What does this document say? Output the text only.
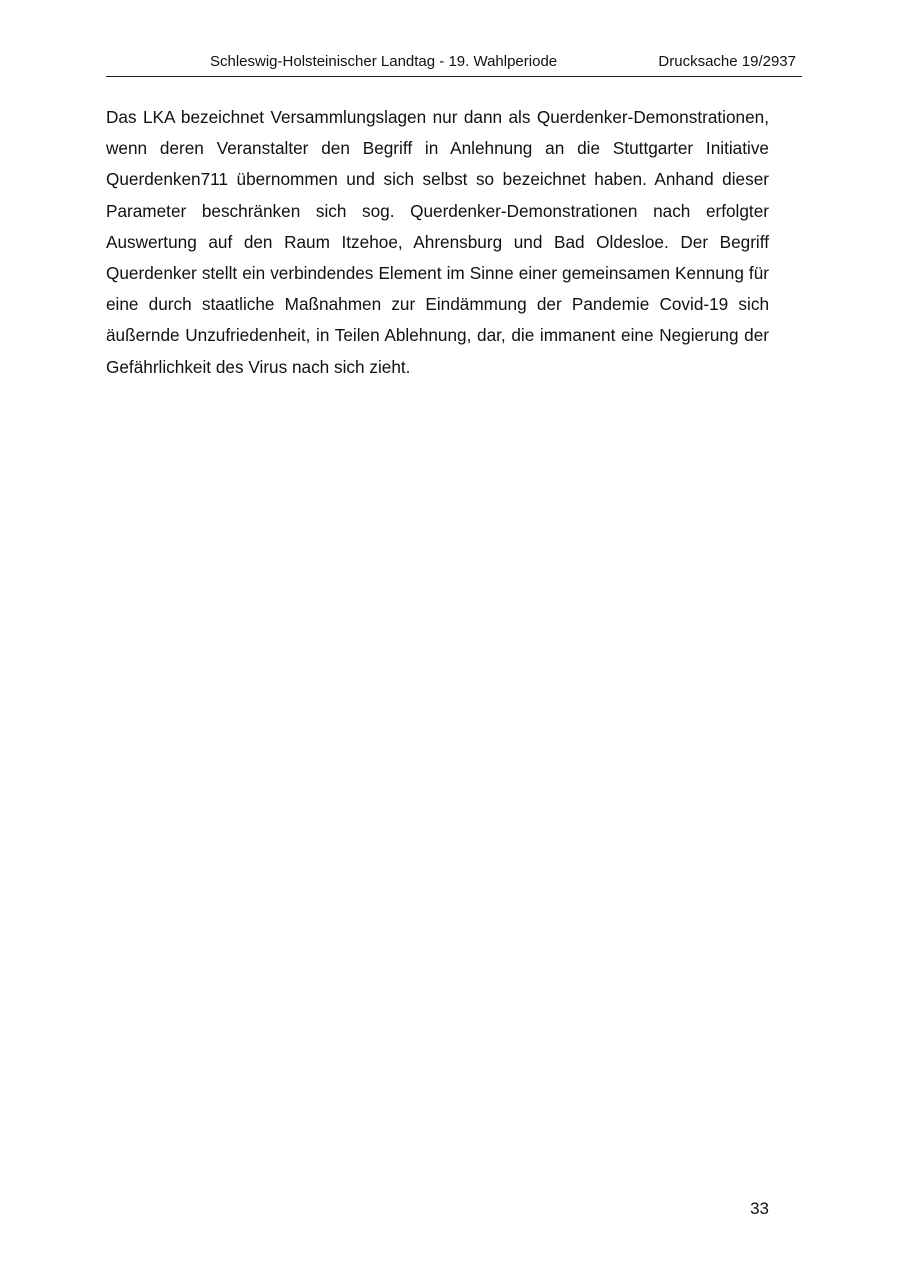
Schleswig-Holsteinischer Landtag - 19. Wahlperiode	Drucksache 19/2937

Das LKA bezeichnet Versammlungslagen nur dann als Querdenker-Demonstrationen, wenn deren Veranstalter den Begriff in Anlehnung an die Stuttgarter Initiative Querdenken711 übernommen und sich selbst so bezeichnet haben. Anhand dieser Parameter beschränken sich sog. Querdenker-Demonstrationen nach erfolgter Auswertung auf den Raum Itzehoe, Ahrensburg und Bad Oldesloe. Der Begriff Querdenker stellt ein verbindendes Element im Sinne einer gemeinsamen Kennung für eine durch staatliche Maßnahmen zur Eindämmung der Pandemie Covid-19 sich äußernde Unzufriedenheit, in Teilen Ablehnung, dar, die immanent eine Negierung der Gefährlichkeit des Virus nach sich zieht.

33
